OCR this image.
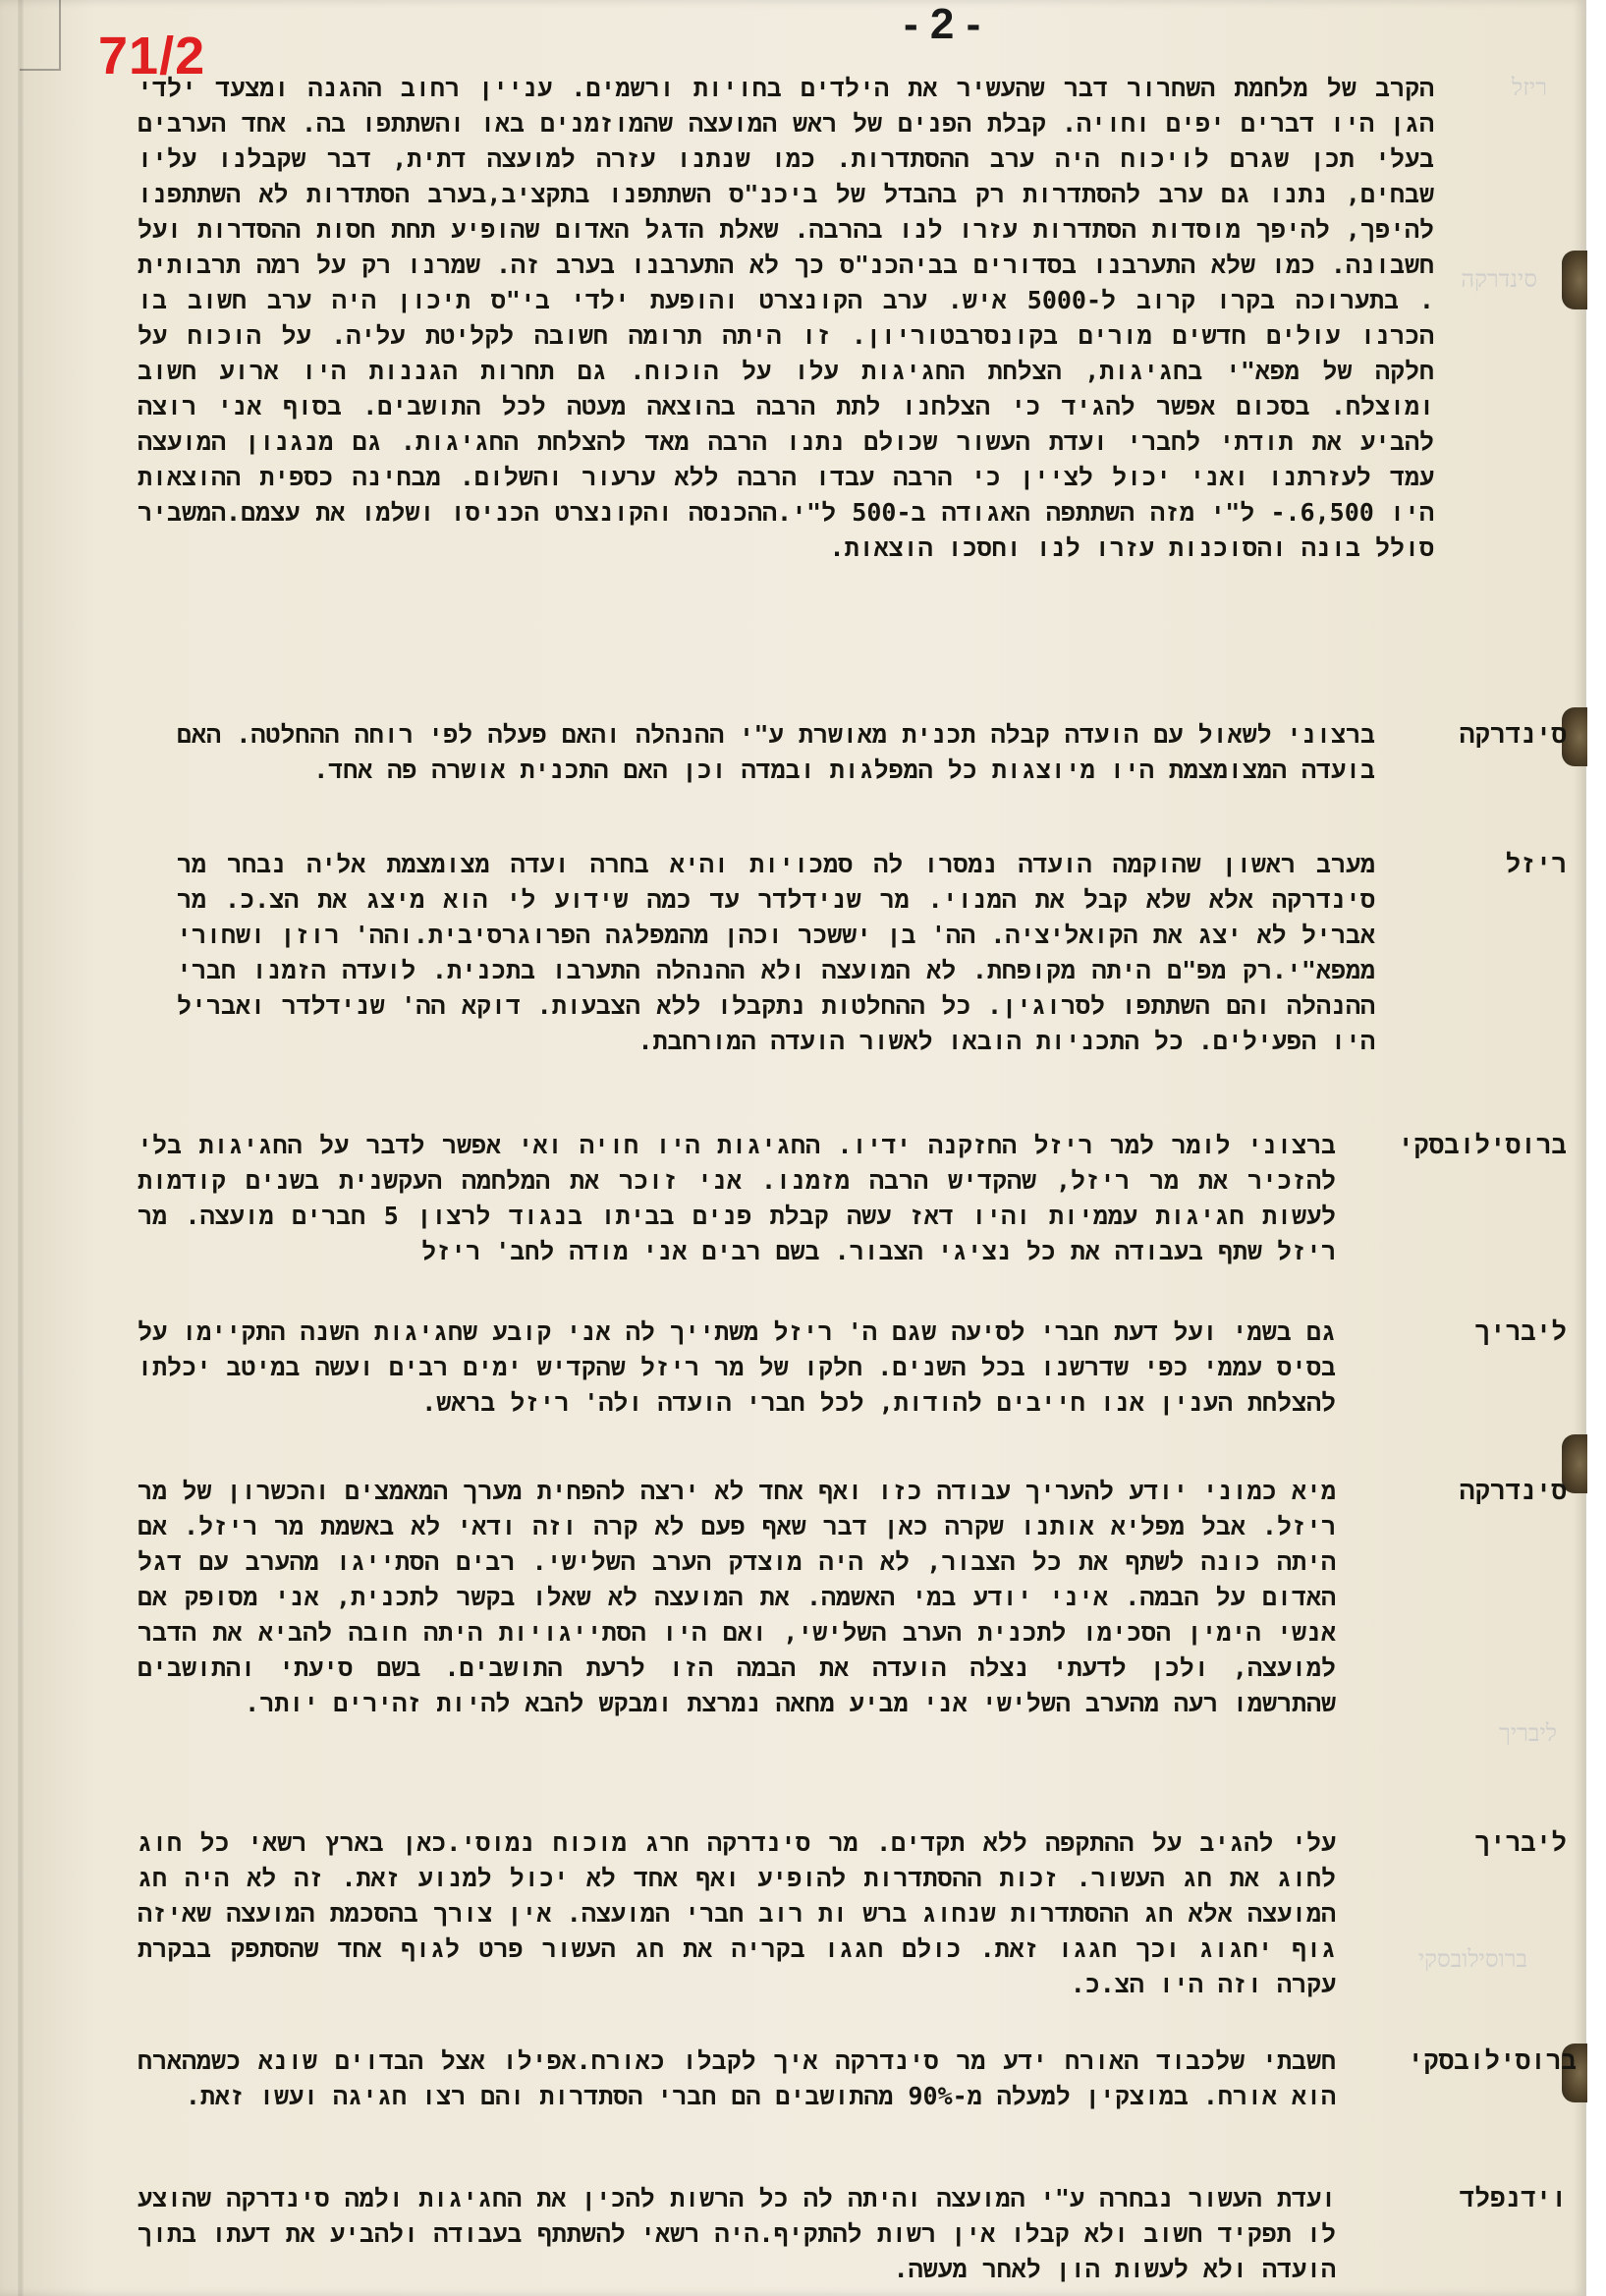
ריזל
סינדרקה
ליבריך
ברוסילובסקי
71/2
- 2 -
הקרב של מלחמת השחרור דבר שהעשיר את הילדים בחויות ורשמים. עניין רחוב ההגנה ומצעד ילדי הגן היו דברים יפים וחויה. קבלת הפנים של ראש המועצה שהמוזמנים באו והשתתפו בה. אחד הערבים בעלי תכן שגרם לויכוח היה ערב ההסתדרות. כמו שנתנו עזרה למועצה דתית, דבר שקבלנו עליו שבחים, נתנו גם ערב להסתדרות רק בהבדל של ביכנ"ס השתתפנו בתקציב,בערב הסתדרות לא השתתפנו להיפך, להיפך מוסדות הסתדרות עזרו לנו בהרבה. שאלת הדגל האדום שהופיע תחת חסות ההסדרות ועל חשבונה. כמו שלא התערבנו בסדורים בביהכנ"ס כך לא התערבנו בערב זה. שמרנו רק על רמה תרבותית . בתערוכה בקרו קרוב ל-5000 איש. ערב הקונצרט והופעת ילדי בי"ס תיכון היה ערב חשוב בו הכרנו עולים חדשים מורים בקונסרבטוריון. זו היתה תרומה חשובה לקליטת עליה. על הוכוח על חלקה של מפא"י בחגיגות, הצלחת החגיגות עלו על הוכוח. גם תחרות הגננות היו ארוע חשוב ומוצלח. בסכום אפשר להגיד כי הצלחנו לתת הרבה בהוצאה מעטה לכל התושבים. בסוף אני רוצה להביע את תודתי לחברי ועדת העשור שכולם נתנו הרבה מאד להצלחת החגיגות. גם מנגנון המועצה עמד לעזרתנו ואני יכול לציין כי הרבה עבדו הרבה ללא ערעור והשלום. מבחינה כספית ההוצאות היו 6,500.- ל"י מזה השתתפה האגודה ב-500 ל"י.ההכנסה והקונצרט הכניסו ושלמו את עצמם.המשביר סולל בונה והסוכנות עזרו לנו וחסכו הוצאות.
סינדרקה
ברצוני לשאול עם הועדה קבלה תכנית מאושרת ע"י ההנהלה והאם פעלה לפי רוחה ההחלטה. האם בועדה המצומצמת היו מיוצגות כל המפלגות ובמדה וכן האם התכנית אושרה פה אחד.
ריזל
מערב ראשון שהוקמה הועדה נמסרו לה סמכויות והיא בחרה ועדה מצומצמת אליה נבחר מר סינדרקה אלא שלא קבל את המנוי. מר שנידלדר עד כמה שידוע לי הוא מיצג את הצ.כ. מר אבריל לא יצג את הקואליציה. הה' בן יששכר וכהן מהמפלגה הפרוגרסיבית.והה' רוזן ושחורי ממפא"י.רק מפ"ם היתה מקופחת. לא המועצה ולא ההנהלה התערבו בתכנית. לועדה הזמנו חברי ההנהלה והם השתתפו לסרוגין. כל ההחלטות נתקבלו ללא הצבעות. דוקא הה' שנידלדר ואבריל היו הפעילים. כל התכניות הובאו לאשור הועדה המורחבת.
ברוסילובסקי
ברצוני לומר למר ריזל החזקנה ידיו. החגיגות היו חויה ואי אפשר לדבר על החגיגות בלי להזכיר את מר ריזל, שהקדיש הרבה מזמנו. אני זוכר את המלחמה העקשנית בשנים קודמות לעשות חגיגות עממיות והיו דאז עשה קבלת פנים בביתו בנגוד לרצון 5 חברים מועצה. מר ריזל שתף בעבודה את כל נציגי הצבור. בשם רבים אני מודה לחב' ריזל
ליבריך
גם בשמי ועל דעת חברי לסיעה שגם ה' ריזל משתייך לה אני קובע שחגיגות השנה התקיימו על בסיס עממי כפי שדרשנו בכל השנים. חלקו של מר ריזל שהקדיש ימים רבים ועשה במיטב יכלתו להצלחת הענין אנו חייבים להודות, לכל חברי הועדה ולה' ריזל בראש.
סינדרקה
מיא כמוני יודע להעריך עבודה כזו ואף אחד לא ירצה להפחית מערך המאמצים והכשרון של מר ריזל. אבל מפליא אותנו שקרה כאן דבר שאף פעם לא קרה וזה ודאי לא באשמת מר ריזל. אם היתה כונה לשתף את כל הצבור, לא היה מוצדק הערב השלישי. רבים הסתייגו מהערב עם דגל האדום על הבמה. איני יודע במי האשמה. את המועצה לא שאלו בקשר לתכנית, אני מסופק אם אנשי הימין הסכימו לתכנית הערב השלישי, ואם היו הסתייגויות היתה חובה להביא את הדבר למועצה, ולכן לדעתי נצלה הועדה את הבמה הזו לרעת התושבים. בשם סיעתי והתושבים שהתרשמו רעה מהערב השלישי אני מביע מחאה נמרצת ומבקש להבא להיות זהירים יותר.
ליבריך
עלי להגיב על ההתקפה ללא תקדים. מר סינדרקה חרג מוכוח נמוסי.כאן בארץ רשאי כל חוג לחוג את חג העשור. זכות ההסתדרות להופיע ואף אחד לא יכול למנוע זאת. זה לא היה חג המועצה אלא חג ההסתדרות שנחוג ברש ות רוב חברי המועצה. אין צורך בהסכמת המועצה שאיזה גוף יחגוג וכך חגגו זאת. כולם חגגו בקריה את חג העשור פרט לגוף אחד שהסתפק בבקרת עקרה וזה היו הצ.כ.
ברוסילובסקי
חשבתי שלכבוד האורח ידע מר סינדרקה איך לקבלו כאורח.אפילו אצל הבדוים שונא כשמהארח הוא אורח. במוצקין למעלה מ-90% מהתושבים הם חברי הסתדרות והם רצו חגיגה ועשו זאת.
וידנפלד
ועדת העשור נבחרה ע"י המועצה והיתה לה כל הרשות להכין את החגיגות ולמה סינדרקה שהוצע לו תפקיד חשוב ולא קבלו אין רשות להתקיף.היה רשאי להשתתף בעבודה ולהביע את דעתו בתוך הועדה ולא לעשות הון לאחר מעשה.
